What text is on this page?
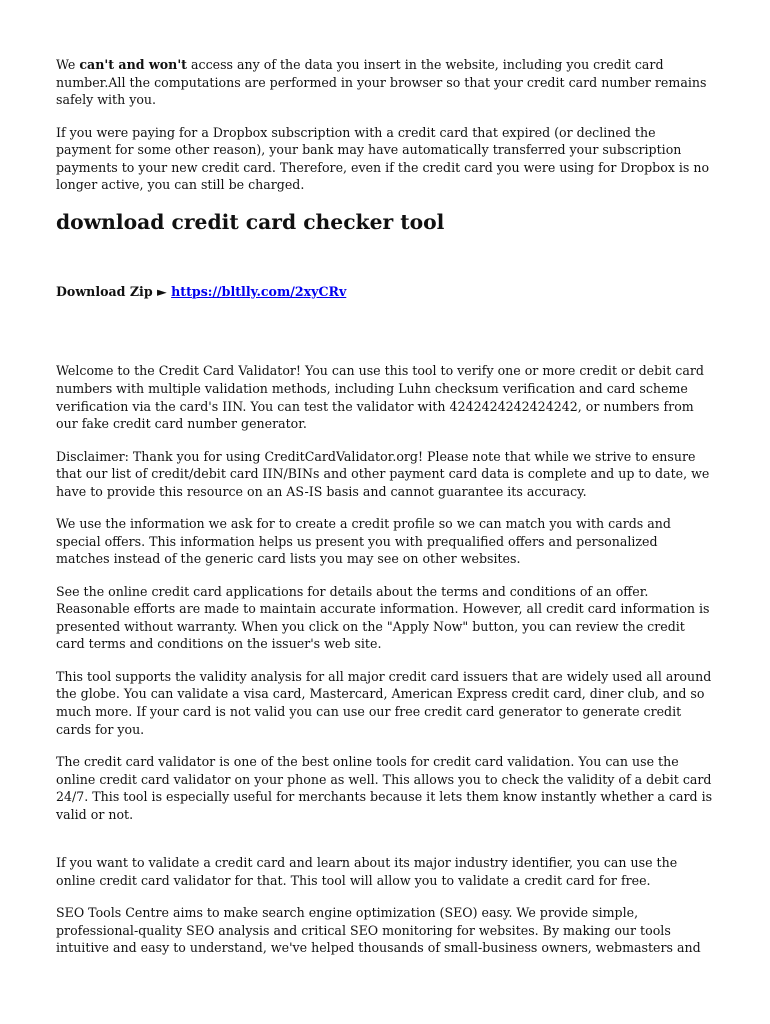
We can't and won't access any of the data you insert in the website, including you credit card number.All the computations are performed in your browser so that your credit card number remains safely with you.

If you were paying for a Dropbox subscription with a credit card that expired (or declined the payment for some other reason), your bank may have automatically transferred your subscription payments to your new credit card. Therefore, even if the credit card you were using for Dropbox is no longer active, you can still be charged.

download credit card checker tool
Download Zip ► https://bltlly.com/2xyCRv

Welcome to the Credit Card Validator! You can use this tool to verify one or more credit or debit card numbers with multiple validation methods, including Luhn checksum verification and card scheme verification via the card's IIN. You can test the validator with 4242424242424242, or numbers from our fake credit card number generator.

Disclaimer: Thank you for using CreditCardValidator.org! Please note that while we strive to ensure that our list of credit/debit card IIN/BINs and other payment card data is complete and up to date, we have to provide this resource on an AS-IS basis and cannot guarantee its accuracy.

We use the information we ask for to create a credit profile so we can match you with cards and special offers. This information helps us present you with prequalified offers and personalized matches instead of the generic card lists you may see on other websites.

See the online credit card applications for details about the terms and conditions of an offer. Reasonable efforts are made to maintain accurate information. However, all credit card information is presented without warranty. When you click on the "Apply Now" button, you can review the credit card terms and conditions on the issuer's web site.

This tool supports the validity analysis for all major credit card issuers that are widely used all around the globe. You can validate a visa card, Mastercard, American Express credit card, diner club, and so much more. If your card is not valid you can use our free credit card generator to generate credit cards for you.

The credit card validator is one of the best online tools for credit card validation. You can use the online credit card validator on your phone as well. This allows you to check the validity of a debit card 24/7. This tool is especially useful for merchants because it lets them know instantly whether a card is valid or not.

If you want to validate a credit card and learn about its major industry identifier, you can use the online credit card validator for that. This tool will allow you to validate a credit card for free.

SEO Tools Centre aims to make search engine optimization (SEO) easy. We provide simple, professional-quality SEO analysis and critical SEO monitoring for websites. By making our tools intuitive and easy to understand, we've helped thousands of small-business owners, webmasters and
